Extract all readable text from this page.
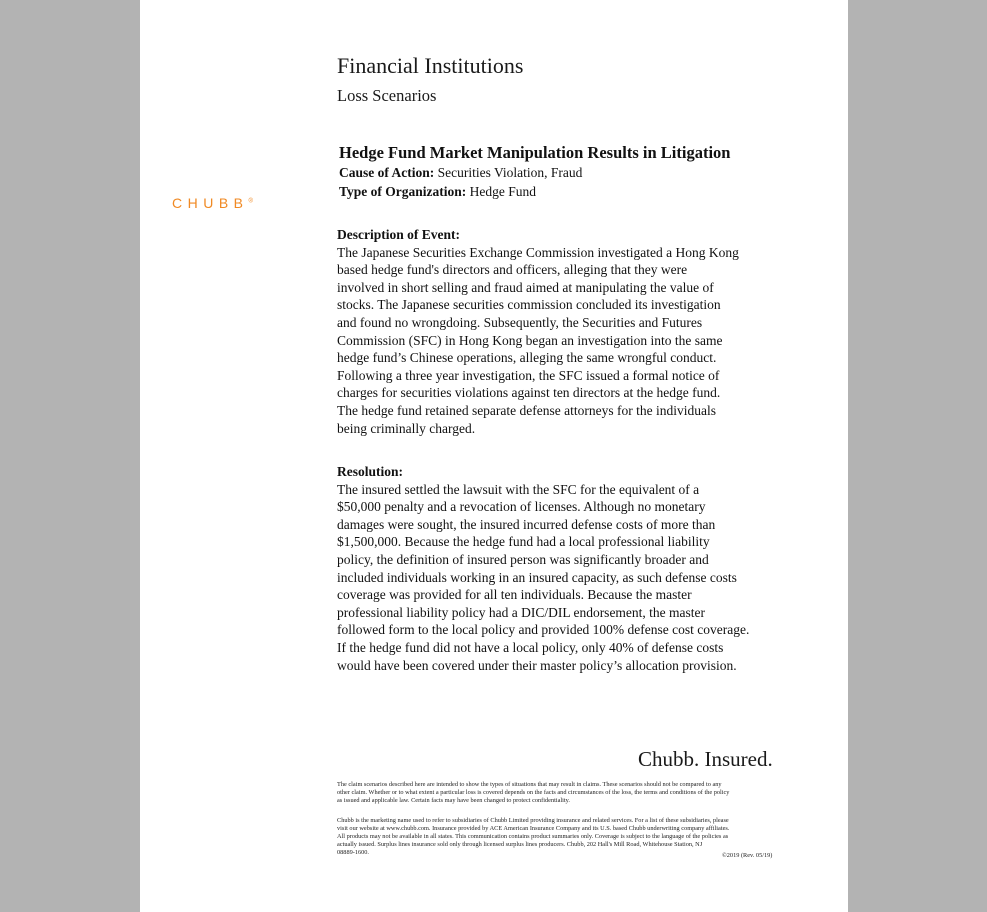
CHUBB®
Financial Institutions
Loss Scenarios
Hedge Fund Market Manipulation Results in Litigation
Cause of Action: Securities Violation, Fraud
Type of Organization: Hedge Fund
Description of Event:
The Japanese Securities Exchange Commission investigated a Hong Kong
based hedge fund's directors and officers, alleging that they were
involved in short selling and fraud aimed at manipulating the value of
stocks. The Japanese securities commission concluded its investigation
and found no wrongdoing. Subsequently, the Securities and Futures
Commission (SFC) in Hong Kong began an investigation into the same
hedge fund’s Chinese operations, alleging the same wrongful conduct.
Following a three year investigation, the SFC issued a formal notice of
charges for securities violations against ten directors at the hedge fund.
The hedge fund retained separate defense attorneys for the individuals
being criminally charged.
Resolution:
The insured settled the lawsuit with the SFC for the equivalent of a
$50,000 penalty and a revocation of licenses. Although no monetary
damages were sought, the insured incurred defense costs of more than
$1,500,000. Because the hedge fund had a local professional liability
policy, the definition of insured person was significantly broader and
included individuals working in an insured capacity, as such defense costs
coverage was provided for all ten individuals. Because the master
professional liability policy had a DIC/DIL endorsement, the master
followed form to the local policy and provided 100% defense cost coverage.
If the hedge fund did not have a local policy, only 40% of defense costs
would have been covered under their master policy’s allocation provision.
Chubb. Insured.
The claim scenarios described here are intended to show the types of situations that may result in claims. These scenarios should not be compared to any
other claim. Whether or to what extent a particular loss is covered depends on the facts and circumstances of the loss, the terms and conditions of the policy
as issued and applicable law. Certain facts may have been changed to protect confidentiality.
Chubb is the marketing name used to refer to subsidiaries of Chubb Limited providing insurance and related services. For a list of these subsidiaries, please
visit our website at www.chubb.com. Insurance provided by ACE American Insurance Company and its U.S. based Chubb underwriting company affiliates.
All products may not be available in all states. This communication contains product summaries only. Coverage is subject to the language of the policies as
actually issued. Surplus lines insurance sold only through licensed surplus lines producers. Chubb, 202 Hall's Mill Road, Whitehouse Station, NJ
08889-1600.	©2019 (Rev. 05/19)
